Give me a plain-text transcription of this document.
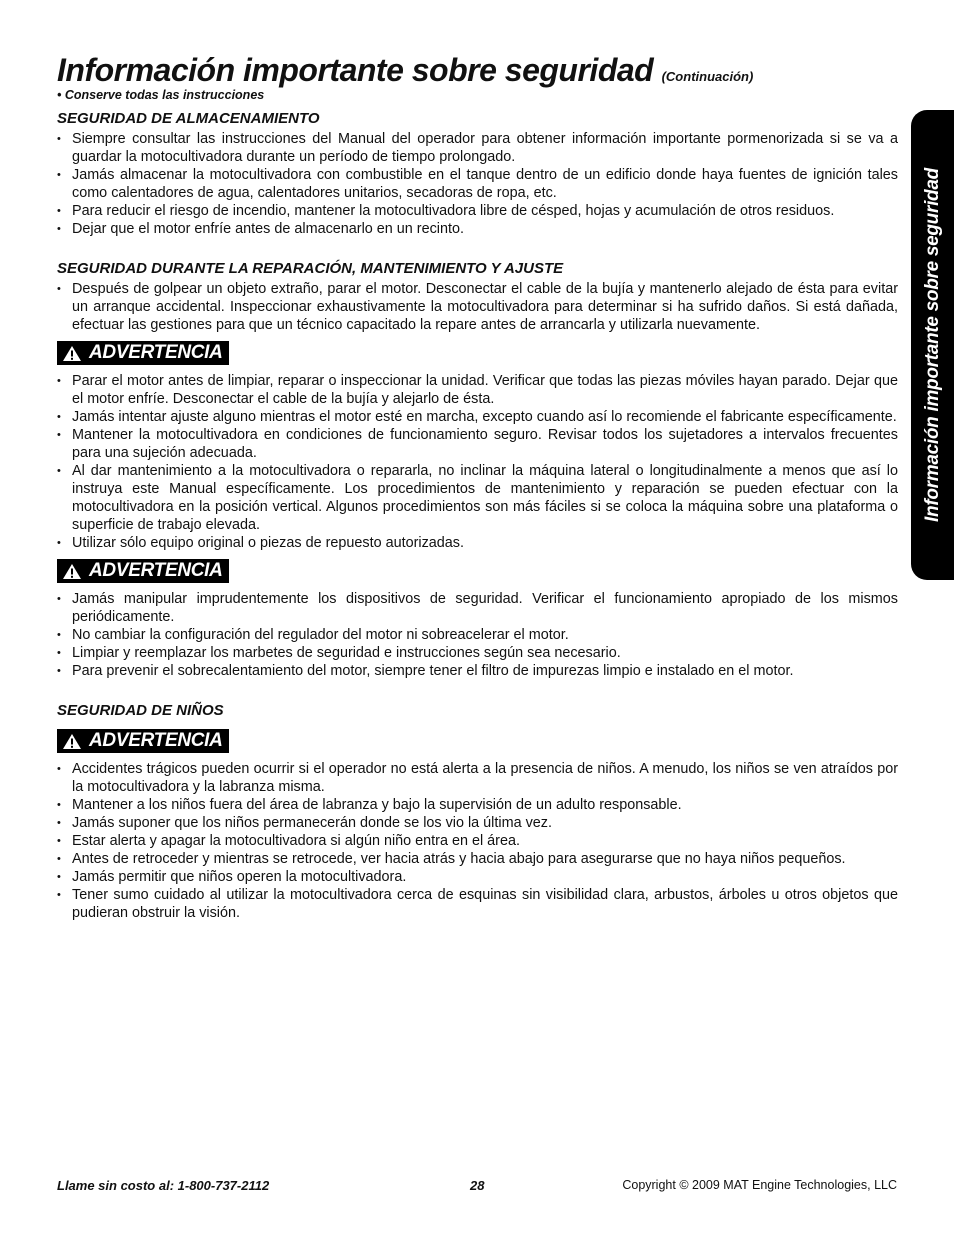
Información importante sobre seguridad (Continuación)
• Conserve todas las instrucciones
SEGURIDAD DE ALMACENAMIENTO
• Siempre consultar las instrucciones del Manual del operador para obtener información importante pormenorizada si se va a guardar la motocultivadora durante un período de tiempo prolongado.
• Jamás almacenar la motocultivadora con combustible en el tanque dentro de un edificio donde haya fuentes de ignición tales como calentadores de agua, calentadores unitarios, secadoras de ropa, etc.
• Para reducir el riesgo de incendio, mantener la motocultivadora libre de césped, hojas y acumulación de otros residuos.
• Dejar que el motor enfríe antes de almacenarlo en un recinto.
SEGURIDAD DURANTE LA REPARACIÓN, MANTENIMIENTO Y AJUSTE
• Después de golpear un objeto extraño, parar el motor. Desconectar el cable de la bujía y mantenerlo alejado de ésta para evitar un arranque accidental. Inspeccionar exhaustivamente la motocultivadora para determinar si ha sufrido daños. Si está dañada, efectuar las gestiones para que un técnico capacitado la repare antes de arrancarla y utilizarla nuevamente.
ADVERTENCIA
• Parar el motor antes de limpiar, reparar o inspeccionar la unidad. Verificar que todas las piezas móviles hayan parado. Dejar que el motor enfríe. Desconectar el cable de la bujía y alejarlo de ésta.
• Jamás intentar ajuste alguno mientras el motor esté en marcha, excepto cuando así lo recomiende el fabricante específicamente.
• Mantener la motocultivadora en condiciones de funcionamiento seguro. Revisar todos los sujetadores a intervalos frecuentes para una sujeción adecuada.
• Al dar mantenimiento a la motocultivadora o repararla, no inclinar la máquina lateral o longitudinalmente a menos que así lo instruya este Manual específicamente. Los procedimientos de mantenimiento y reparación se pueden efectuar con la motocultivadora en la posición vertical. Algunos procedimientos son más fáciles si se coloca la máquina sobre una plataforma o superficie de trabajo elevada.
• Utilizar sólo equipo original o piezas de repuesto autorizadas.
ADVERTENCIA
• Jamás manipular imprudentemente los dispositivos de seguridad. Verificar el funcionamiento apropiado de los mismos periódicamente.
• No cambiar la configuración del regulador del motor ni sobreacelerar el motor.
• Limpiar y reemplazar los marbetes de seguridad e instrucciones según sea necesario.
• Para prevenir el sobrecalentamiento del motor, siempre tener el filtro de impurezas limpio e instalado en el motor.
SEGURIDAD DE NIÑOS
ADVERTENCIA
• Accidentes trágicos pueden ocurrir si el operador no está alerta a la presencia de niños. A menudo, los niños se ven atraídos por la motocultivadora y la labranza misma.
• Mantener a los niños fuera del área de labranza y bajo la supervisión de un adulto responsable.
• Jamás suponer que los niños permanecerán donde se los vio la última vez.
• Estar alerta y apagar la motocultivadora si algún niño entra en el área.
• Antes de retroceder y mientras se retrocede, ver hacia atrás y hacia abajo para asegurarse que no haya niños pequeños.
• Jamás permitir que niños operen la motocultivadora.
• Tener sumo cuidado al utilizar la motocultivadora cerca de esquinas sin visibilidad clara, arbustos, árboles u otros objetos que pudieran obstruir la visión.
Información importante sobre seguridad
Llame sin costo al: 1-800-737-2112	28	Copyright © 2009 MAT Engine Technologies, LLC
